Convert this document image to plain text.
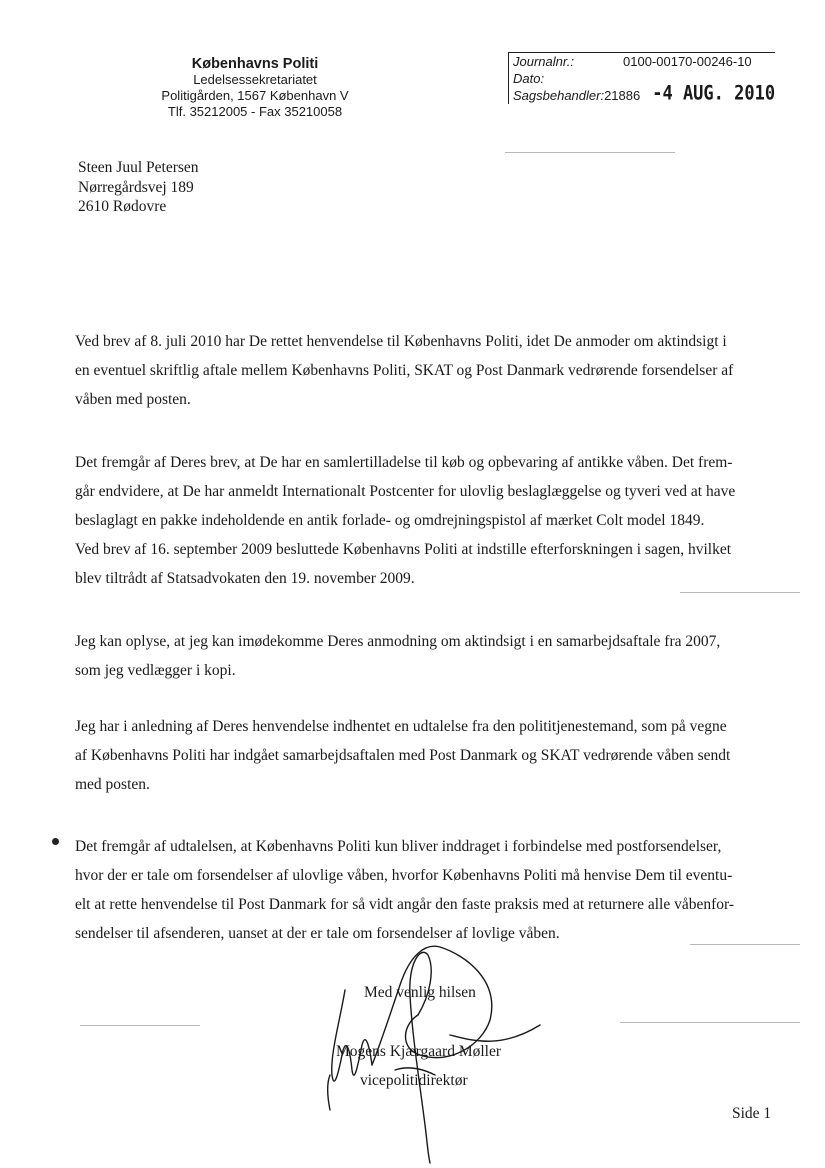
Københavns Politi
Ledelsessekretariatet
Politigården, 1567 København V
Tlf. 35212005 - Fax 35210058
Journalnr.:	0100-00170-00246-10
Dato:
Sagsbehandler: 21886 -4 AUG. 2010
Steen Juul Petersen
Nørregårdsvej 189
2610 Rødovre
Ved brev af 8. juli 2010 har De rettet henvendelse til Københavns Politi, idet De anmoder om aktindsigt i
en eventuel skriftlig aftale mellem Københavns Politi, SKAT og Post Danmark vedrørende forsendelser af
våben med posten.
Det fremgår af Deres brev, at De har en samlertilladelse til køb og opbevaring af antikke våben. Det frem-
går endvidere, at De har anmeldt Internationalt Postcenter for ulovlig beslaglæggelse og tyveri ved at have
beslaglagt en pakke indeholdende en antik forlade- og omdrejningspistol af mærket Colt model 1849.
Ved brev af 16. september 2009 besluttede Københavns Politi at indstille efterforskningen i sagen, hvilket
blev tiltrådt af Statsadvokaten den 19. november 2009.
Jeg kan oplyse, at jeg kan imødekomme Deres anmodning om aktindsigt i en samarbejdsaftale fra 2007,
som jeg vedlægger i kopi.
Jeg har i anledning af Deres henvendelse indhentet en udtalelse fra den polititjenestemand, som på vegne
af Københavns Politi har indgået samarbejdsaftalen med Post Danmark og SKAT vedrørende våben sendt
med posten.
Det fremgår af udtalelsen, at Københavns Politi kun bliver inddraget i forbindelse med postforsendelser,
hvor der er tale om forsendelser af ulovlige våben, hvorfor Københavns Politi må henvise Dem til eventu-
elt at rette henvendelse til Post Danmark for så vidt angår den faste praksis med at returnere alle våbenfor-
sendelser til afsenderen, uanset at der er tale om forsendelser af lovlige våben.
Med venlig hilsen
Mogens Kjærgaard Møller
vicepolitidirektør
Side 1
